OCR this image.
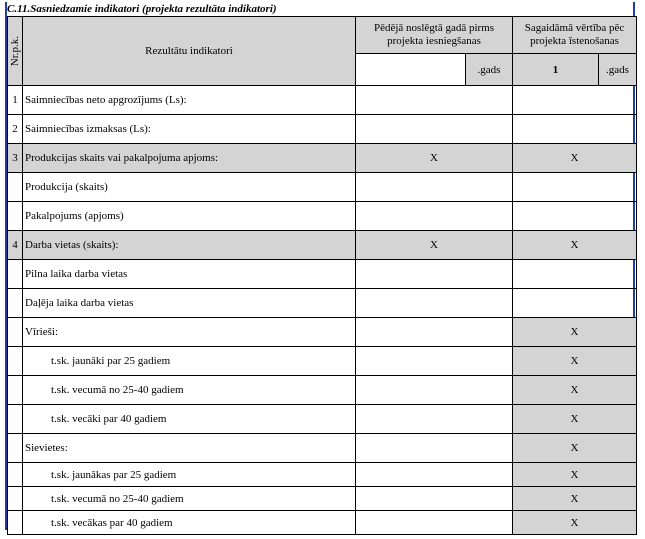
C.11.Sasniedzamie indikatori (projekta rezultāta indikatori)
Nr.p.k.	Rezultātu indikatori	Pēdējā noslēgtā gadā pirms projekta iesniegšanas		Sagaidāmā vērtība pēc projekta īstenošanas	
			.gads	1	.gads
1	Saimniecības neto apgrozījums (Ls):				
2	Saimniecības izmaksas (Ls):				
3	Produkcijas skaits vai pakalpojuma apjoms:	X		X	
	Produkcija (skaits)				
	Pakalpojums (apjoms)				
4	Darba vietas (skaits):	X		X	
	Pilna laika darba vietas				
	Daļēja laika darba vietas				
	Vīrieši:			X	
	t.sk. jaunāki par 25 gadiem			X	
	t.sk. vecumā no 25-40 gadiem			X	
	t.sk. vecāki par 40 gadiem			X	
	Sievietes:			X	
	t.sk. jaunākas par 25 gadiem			X	
	t.sk. vecumā no 25-40 gadiem			X	
	t.sk. vecākas par 40 gadiem			X	
